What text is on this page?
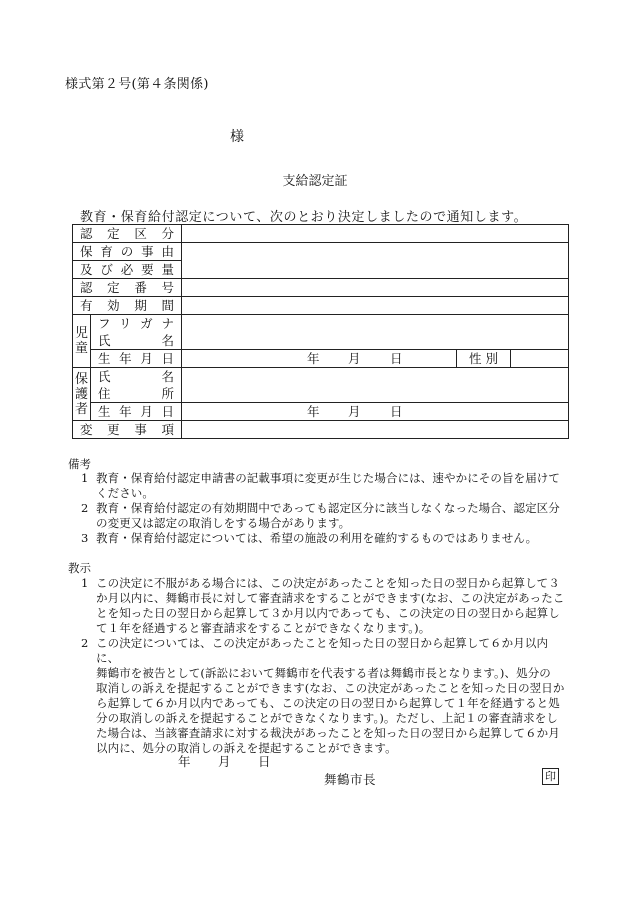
様式第２号(第４条関係)
様
支給認定証
教育・保育給付認定について、次のとおり決定しましたので通知します。
認定区分				
保育の事由				
及び必要量				
認定番号				
有効期間				

児
童	フリガナ			
	氏名			
	生年月日	年 月 日	性別	

保
護
者	氏名			
	住所			
	生年月日	年 月 日		

変更事項				
備考
1 教育・保育給付認定申請書の記載事項に変更が生じた場合には、速やかにその旨を届けて
ください。
2 教育・保育給付認定の有効期間中であっても認定区分に該当しなくなった場合、認定区分
の変更又は認定の取消しをする場合があります。
3 教育・保育給付認定については、希望の施設の利用を確約するものではありません。
教示
1 この決定に不服がある場合には、この決定があったことを知った日の翌日から起算して３
か月以内に、舞鶴市長に対して審査請求をすることができます(なお、この決定があったこ
とを知った日の翌日から起算して３か月以内であっても、この決定の日の翌日から起算し
て１年を経過すると審査請求をすることができなくなります。)。
2 この決定については、この決定があったことを知った日の翌日から起算して６か月以内に、
舞鶴市を被告として(訴訟において舞鶴市を代表する者は舞鶴市長となります。)、処分の
取消しの訴えを提起することができます(なお、この決定があったことを知った日の翌日か
ら起算して６か月以内であっても、この決定の日の翌日から起算して１年を経過すると処
分の取消しの訴えを提起することができなくなります。)。ただし、上記１の審査請求をし
た場合は、当該審査請求に対する裁決があったことを知った日の翌日から起算して６か月
以内に、処分の取消しの訴えを提起することができます。
年 月 日
舞鶴市長	印
